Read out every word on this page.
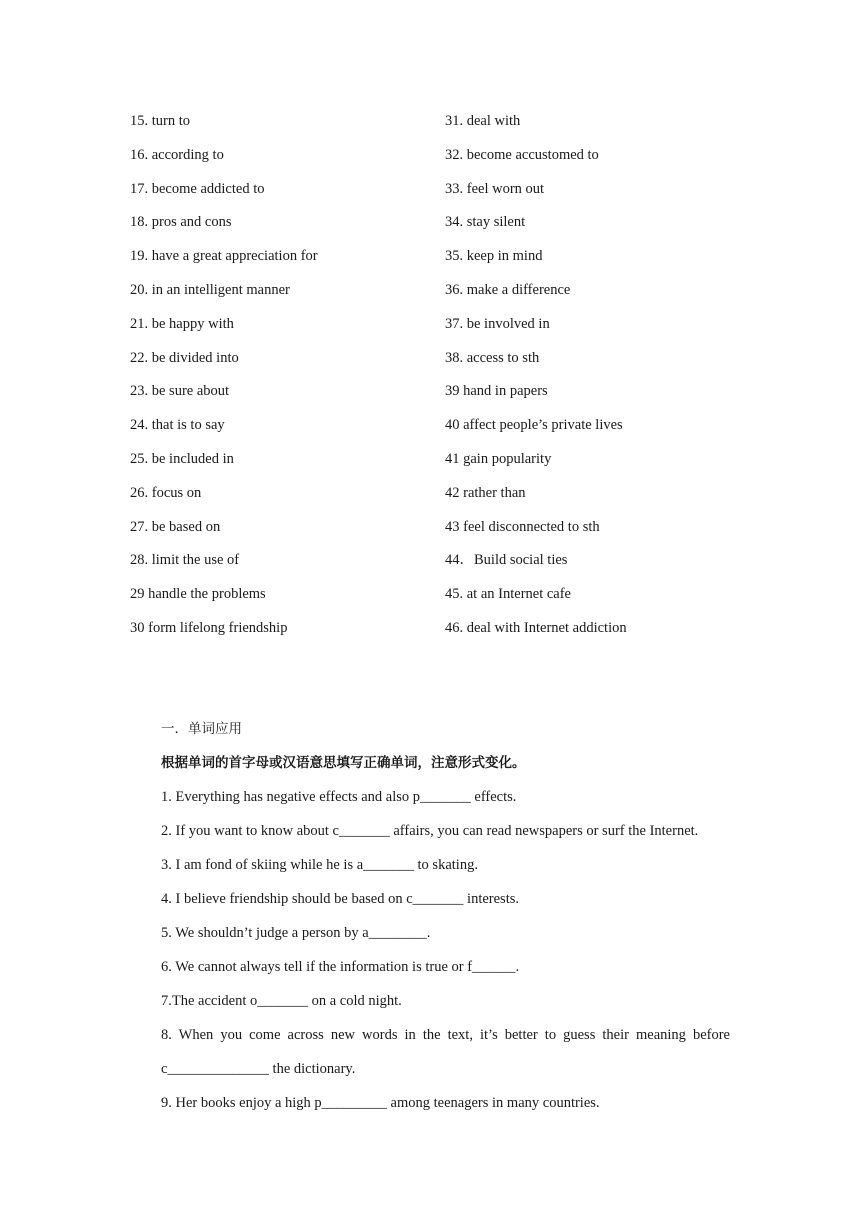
15. turn to
16. according to
17. become addicted to
18. pros and cons
19. have a great appreciation for
20. in an intelligent manner
21. be happy with
22. be divided into
23. be sure about
24. that is to say
25. be included in
26. focus on
27. be based on
28. limit the use of
29 handle the problems
30 form lifelong friendship
31. deal with
32. become accustomed to
33. feel worn out
34. stay silent
35. keep in mind
36. make a difference
37. be involved in
38. access to sth
39 hand in papers
40 affect people’s private lives
41 gain popularity
42 rather than
43 feel disconnected to sth
44．Build social ties
45. at an Internet cafe
46. deal with Internet addiction
一．单词应用
根据单词的首字母或汉语意思填写正确单词，注意形式变化。
1. Everything has negative effects and also p_______ effects.
2. If you want to know about c_______ affairs, you can read newspapers or surf the Internet.
3. I am fond of skiing while he is a_______ to skating.
4. I believe friendship should be based on c_______ interests.
5. We shouldn’t judge a person by a________.
6. We cannot always tell if the information is true or f______.
7.The accident o_______ on a cold night.
8. When you come across new words in the text, it’s better to guess their meaning before c______________ the dictionary.
9. Her books enjoy a high p_________ among teenagers in many countries.
